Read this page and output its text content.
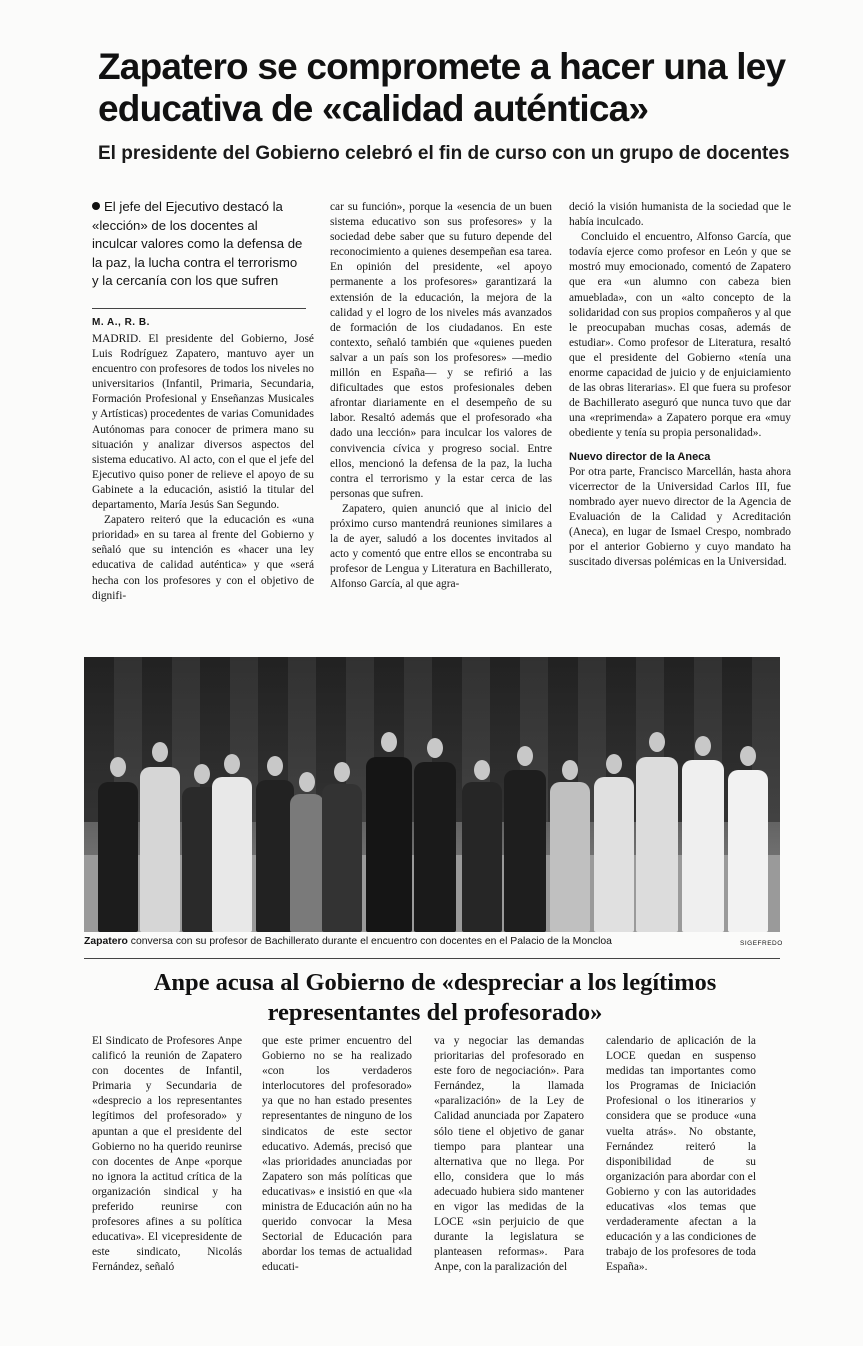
Zapatero se compromete a hacer una ley educativa de «calidad auténtica»
El presidente del Gobierno celebró el fin de curso con un grupo de docentes
El jefe del Ejecutivo destacó la «lección» de los docentes al inculcar valores como la defensa de la paz, la lucha contra el terrorismo y la cercanía con los que sufren
M. A., R. B.

MADRID. El presidente del Gobierno, José Luis Rodríguez Zapatero, mantuvo ayer un encuentro con profesores de todos los niveles no universitarios (Infantil, Primaria, Secundaria, Formación Profesional y Enseñanzas Musicales y Artísticas) procedentes de varias Comunidades Autónomas para conocer de primera mano su situación y analizar diversos aspectos del sistema educativo. Al acto, con el que el jefe del Ejecutivo quiso poner de relieve el apoyo de su Gabinete a la educación, asistió la titular del departamento, María Jesús San Segundo.

Zapatero reiteró que la educación es «una prioridad» en su tarea al frente del Gobierno y señaló que su intención es «hacer una ley educativa de calidad auténtica» y que «será hecha con los profesores y con el objetivo de dignifi-

car su función», porque la «esencia de un buen sistema educativo son sus profesores» y la sociedad debe saber que su futuro depende del reconocimiento a quienes desempeñan esa tarea. En opinión del presidente, «el apoyo permanente a los profesores» garantizará la extensión de la educación, la mejora de la calidad y el logro de los niveles más avanzados de formación de los ciudadanos. En este contexto, señaló también que «quienes pueden salvar a un país son los profesores» —medio millón en España— y se refirió a las dificultades que estos profesionales deben afrontar diariamente en el desempeño de su labor. Resaltó además que el profesorado «ha dado una lección» para inculcar los valores de convivencia cívica y progreso social. Entre ellos, mencionó la defensa de la paz, la lucha contra el terrorismo y la estar cerca de las personas que sufren.

Zapatero, quien anunció que al inicio del próximo curso mantendrá reuniones similares a la de ayer, saludó a los docentes invitados al acto y comentó que entre ellos se encontraba su profesor de Lengua y Literatura en Bachillerato, Alfonso García, al que agra-

deció la visión humanista de la sociedad que le había inculcado.

Concluido el encuentro, Alfonso García, que todavía ejerce como profesor en León y que se mostró muy emocionado, comentó de Zapatero que era «un alumno con cabeza bien amueblada», con un «alto concepto de la solidaridad con sus propios compañeros y al que le preocupaban muchas cosas, además de estudiar». Como profesor de Literatura, resaltó que el presidente del Gobierno «tenía una enorme capacidad de juicio y de enjuiciamiento de las obras literarias». El que fuera su profesor de Bachillerato aseguró que nunca tuvo que dar una «reprimenda» a Zapatero porque era «muy obediente y tenía su propia personalidad».

Nuevo director de la Aneca

Por otra parte, Francisco Marcellán, hasta ahora vicerrector de la Universidad Carlos III, fue nombrado ayer nuevo director de la Agencia de Evaluación de la Calidad y Acreditación (Aneca), en lugar de Ismael Crespo, nombrado por el anterior Gobierno y cuyo mandato ha suscitado diversas polémicas en la Universidad.

Zapatero conversa con su profesor de Bachillerato durante el encuentro con docentes en el Palacio de la Moncloa	SIGEFREDO
Anpe acusa al Gobierno de «despreciar a los legítimos representantes del profesorado»

El Sindicato de Profesores Anpe calificó la reunión de Zapatero con docentes de Infantil, Primaria y Secundaria de «desprecio a los representantes legítimos del profesorado» y apuntan a que el presidente del Gobierno no ha querido reunirse con docentes de Anpe «porque no ignora la actitud crítica de la organización sindical y ha preferido reunirse con profesores afines a su política educativa». El vicepresidente de este sindicato, Nicolás Fernández, señaló

que este primer encuentro del Gobierno no se ha realizado «con los verdaderos interlocutores del profesorado» ya que no han estado presentes representantes de ninguno de los sindicatos de este sector educativo. Además, precisó que «las prioridades anunciadas por Zapatero son más políticas que educativas» e insistió en que «la ministra de Educación aún no ha querido convocar la Mesa Sectorial de Educación para abordar los temas de actualidad educati-

va y negociar las demandas prioritarias del profesorado en este foro de negociación». Para Fernández, la llamada «paralización» de la Ley de Calidad anunciada por Zapatero sólo tiene el objetivo de ganar tiempo para plantear una alternativa que no llega. Por ello, considera que lo más adecuado hubiera sido mantener en vigor las medidas de la LOCE «sin perjuicio de que durante la legislatura se planteasen reformas». Para Anpe, con la paralización del

calendario de aplicación de la LOCE quedan en suspenso medidas tan importantes como los Programas de Iniciación Profesional o los itinerarios y considera que se produce «una vuelta atrás». No obstante, Fernández reiteró la disponibilidad de su organización para abordar con el Gobierno y con las autoridades educativas «los temas que verdaderamente afectan a la educación y a las condiciones de trabajo de los profesores de toda España».
